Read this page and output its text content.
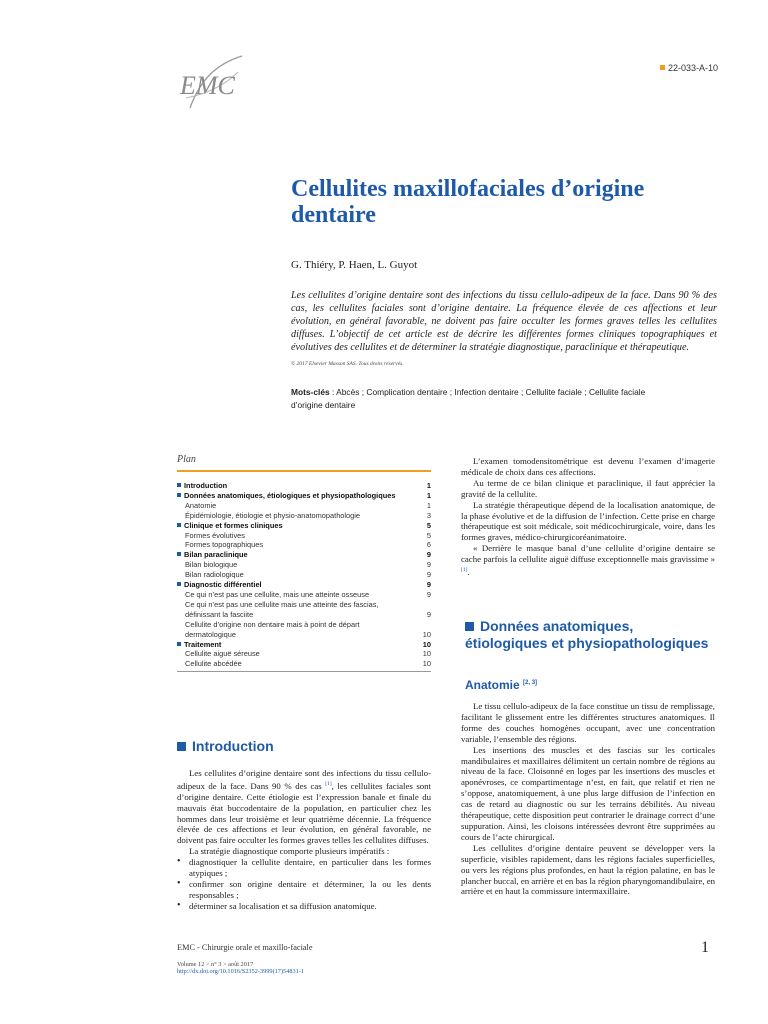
EMC
22-033-A-10
Cellulites maxillofaciales d’origine dentaire
G. Thiéry, P. Haen, L. Guyot

Les cellulites d’origine dentaire sont des infections du tissu cellulo-adipeux de la face. Dans 90 % des cas, les cellulites faciales sont d’origine dentaire. La fréquence élevée de ces affections et leur évolution, en général favorable, ne doivent pas faire occulter les formes graves telles les cellulites diffuses. L’objectif de cet article est de décrire les différentes formes cliniques topographiques et évolutives des cellulites et de déterminer la stratégie diagnostique, paraclinique et thérapeutique.

© 2017 Elsevier Masson SAS. Tous droits réservés.
Mots-clés : Abcès ; Complication dentaire ; Infection dentaire ; Cellulite faciale ; Cellulite faciale d’origine dentaire
Plan
Introduction	1
Données anatomiques, étiologiques et physiopathologiques	1
Anatomie	1
Épidémiologie, étiologie et physio-anatomopathologie	3
Clinique et formes cliniques	5
Formes évolutives	5
Formes topographiques	6
Bilan paraclinique	9
Bilan biologique	9
Bilan radiologique	9
Diagnostic différentiel	9
Ce qui n’est pas une cellulite, mais une atteinte osseuse	9
Ce qui n’est pas une cellulite mais une atteinte des fascias, définissant la fasciite	9
Cellulite d’origine non dentaire mais à point de départ dermatologique	10
Traitement	10
Cellulite aiguë séreuse	10
Cellulite abcédée	10
Introduction

Les cellulites d’origine dentaire sont des infections du tissu cellulo-adipeux de la face. Dans 90 % des cas [1], les cellulites faciales sont d’origine dentaire. Cette étiologie est l’expression banale et finale du mauvais état buccodentaire de la population, en particulier chez les hommes dans leur troisième et leur quatrième décennie. La fréquence élevée de ces affections et leur évolution, en général favorable, ne doivent pas faire occulter les formes graves telles les cellulites diffuses.

La stratégie diagnostique comporte plusieurs impératifs :

• diagnostiquer la cellulite dentaire, en particulier dans les formes atypiques ;
• confirmer son origine dentaire et déterminer, la ou les dents responsables ;
• déterminer sa localisation et sa diffusion anatomique.

L’examen tomodensitométrique est devenu l’examen d’imagerie médicale de choix dans ces affections.

Au terme de ce bilan clinique et paraclinique, il faut apprécier la gravité de la cellulite.

La stratégie thérapeutique dépend de la localisation anatomique, de la phase évolutive et de la diffusion de l’infection. Cette prise en charge thérapeutique est soit médicale, soit médicochirurgicale, voire, dans les formes graves, médico-chirurgicoréanimatoire.

« Derrière le masque banal d’une cellulite d’origine dentaire se cache parfois la cellulite aiguë diffuse exceptionnelle mais gravissime » [1].

Données anatomiques, étiologiques et physiopathologiques
Anatomie [2, 3]

Le tissu cellulo-adipeux de la face constitue un tissu de remplissage, facilitant le glissement entre les différentes structures anatomiques. Il forme des couches homogènes occupant, avec une concentration variable, l’ensemble des régions.

Les insertions des muscles et des fascias sur les corticales mandibulaires et maxillaires délimitent un certain nombre de régions au niveau de la face. Cloisonné en loges par les insertions des muscles et aponévroses, ce compartimentage n’est, en fait, que relatif et rien ne s’oppose, anatomiquement, à une plus large diffusion de l’infection en cas de retard au diagnostic ou sur les terrains débilités. Au niveau thérapeutique, cette disposition peut contrarier le drainage correct d’une suppuration. Ainsi, les cloisons intéressées devront être supprimées au cours de l’acte chirurgical.

Les cellulites d’origine dentaire peuvent se développer vers la superficie, visibles rapidement, dans les régions faciales superficielles, ou vers les régions plus profondes, en haut la région palatine, en bas le plancher buccal, en arrière et en bas la région pharyngomandibulaire, en arrière et en haut la commissure intermaxillaire.

EMC - Chirurgie orale et maxillo-faciale
Volume 12 > n° 3 > août 2017
http://dx.doi.org/10.1016/S2352-3999(17)54831-1
1
